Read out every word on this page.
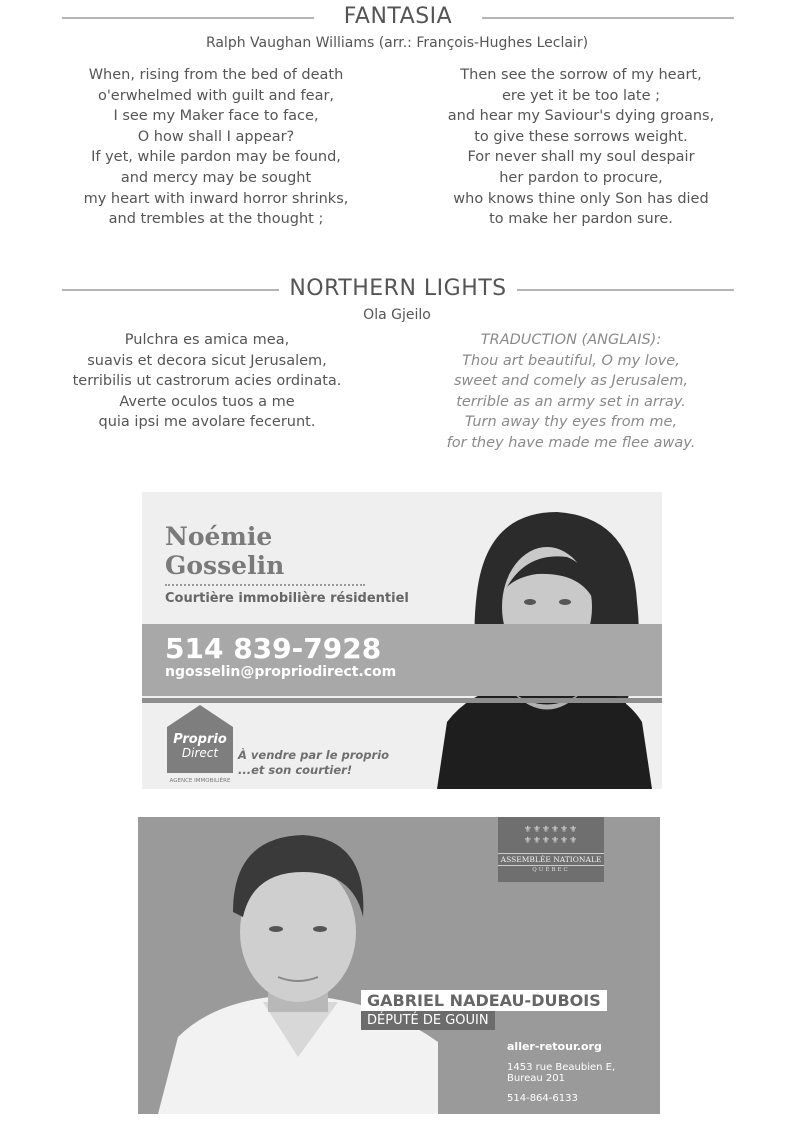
FANTASIA
Ralph Vaughan Williams (arr.: François-Hughes Leclair)
When, rising from the bed of death
o'erwhelmed with guilt and fear,
I see my Maker face to face,
O how shall I appear?
If yet, while pardon may be found,
and mercy may be sought
my heart with inward horror shrinks,
and trembles at the thought ;
Then see the sorrow of my heart,
ere yet it be too late ;
and hear my Saviour's dying groans,
to give these sorrows weight.
For never shall my soul despair
her pardon to procure,
who knows thine only Son has died
to make her pardon sure.
NORTHERN LIGHTS
Ola Gjeilo
Pulchra es amica mea,
suavis et decora sicut Jerusalem,
terribilis ut castrorum acies ordinata.
Averte oculos tuos a me
quia ipsi me avolare fecerunt.
TRADUCTION (ANGLAIS):
Thou art beautiful, O my love,
sweet and comely as Jerusalem,
terrible as an army set in array.
Turn away thy eyes from me,
for they have made me flee away.
Noémie
Gosselin
Courtière immobilière résidentiel
514 839-7928
ngosselin@propriodirect.com
Proprio
Direct
AGENCE IMMOBILIÈRE
À vendre par le proprio
...et son courtier!
⚜⚜⚜⚜⚜⚜
⚜⚜⚜⚜⚜⚜
ASSEMBLÉE NATIONALE
QUÉBEC
GABRIEL NADEAU-DUBOIS
DÉPUTÉ DE GOUIN
aller-retour.org
1453 rue Beaubien E,
Bureau 201
514-864-6133
